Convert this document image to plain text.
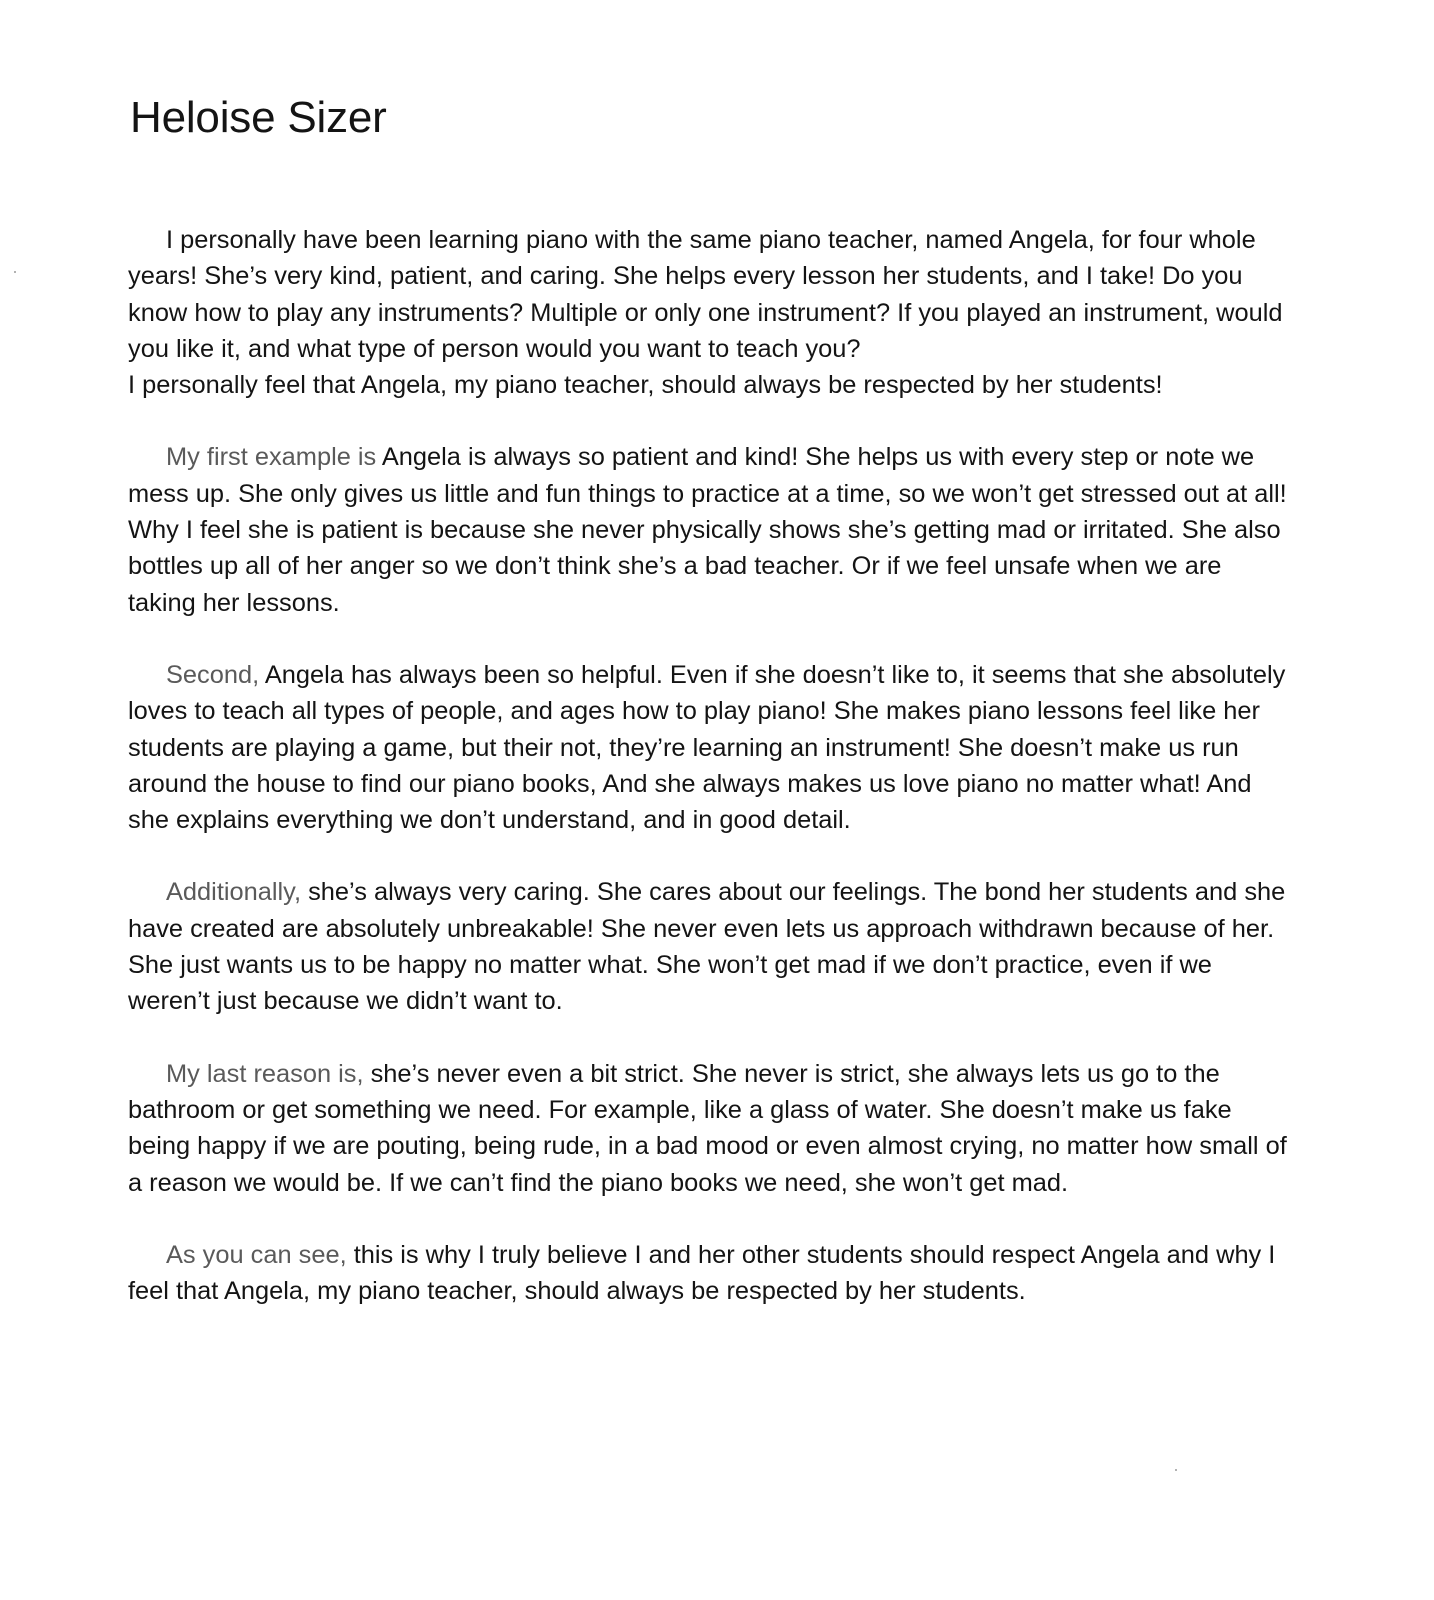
Heloise Sizer

I personally have been learning piano with the same piano teacher, named Angela, for four whole years! She’s very kind, patient, and caring. She helps every lesson her students, and I take! Do you know how to play any instruments? Multiple or only one instrument? If you played an instrument, would you like it, and what type of person would you want to teach you?
I personally feel that Angela, my piano teacher, should always be respected by her students!

My first example is Angela is always so patient and kind! She helps us with every step or note we mess up. She only gives us little and fun things to practice at a time, so we won’t get stressed out at all! Why I feel she is patient is because she never physically shows she’s getting mad or irritated. She also bottles up all of her anger so we don’t think she’s a bad teacher. Or if we feel unsafe when we are taking her lessons.

Second, Angela has always been so helpful. Even if she doesn’t like to, it seems that she absolutely loves to teach all types of people, and ages how to play piano! She makes piano lessons feel like her students are playing a game, but their not, they’re learning an instrument! She doesn’t make us run around the house to find our piano books, And she always makes us love piano no matter what! And she explains everything we don’t understand, and in good detail.

Additionally, she’s always very caring. She cares about our feelings. The bond her students and she have created are absolutely unbreakable! She never even lets us approach withdrawn because of her. She just wants us to be happy no matter what. She won’t get mad if we don’t practice, even if we weren’t just because we didn’t want to.

My last reason is, she’s never even a bit strict. She never is strict, she always lets us go to the bathroom or get something we need. For example, like a glass of water. She doesn’t make us fake being happy if we are pouting, being rude, in a bad mood or even almost crying, no matter how small of a reason we would be. If we can’t find the piano books we need, she won’t get mad.

As you can see, this is why I truly believe I and her other students should respect Angela and why I feel that Angela, my piano teacher, should always be respected by her students.
